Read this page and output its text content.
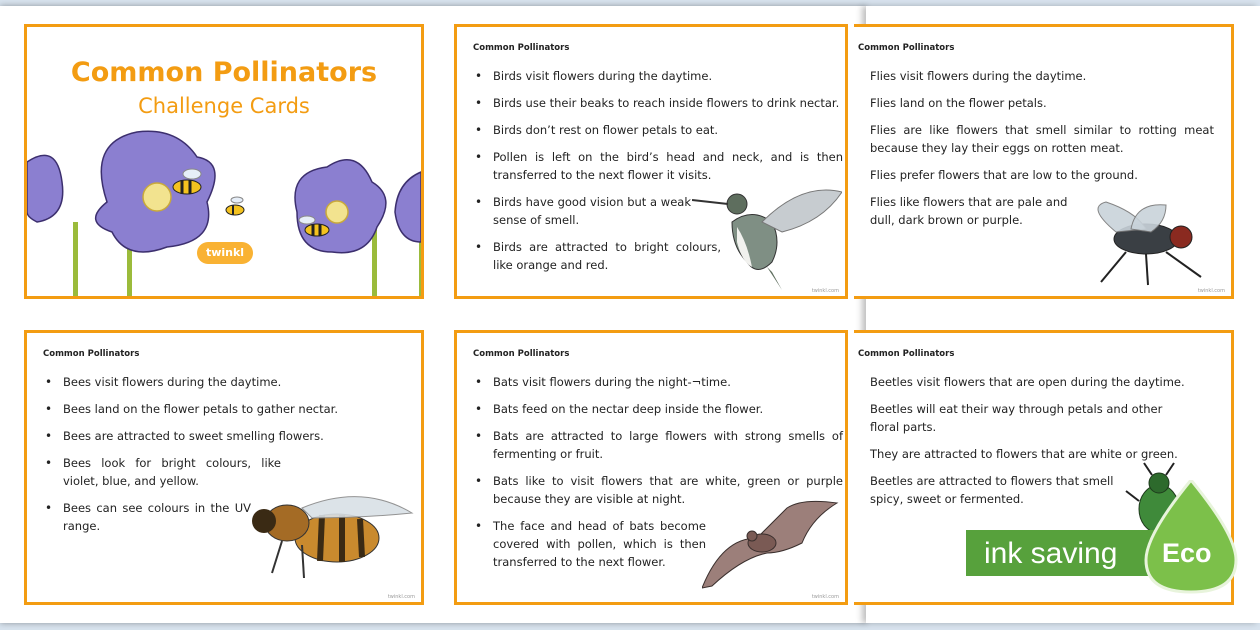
Common Pollinators
Challenge Cards
twinkl
Common Pollinators
• Birds visit flowers during the daytime.
• Birds use their beaks to reach inside flowers to drink nectar.
• Birds don’t rest on flower petals to eat.
• Pollen is left on the bird’s head and neck, and is then transferred to the next flower it visits.
• Birds have good vision but a weak sense of smell.
• Birds are attracted to bright colours, like orange and red.
twinkl.com
Common Pollinators

Flies visit flowers during the daytime.

Flies land on the flower petals.

Flies are like flowers that smell similar to rotting meat because they lay their eggs on rotten meat.

Flies prefer flowers that are low to the ground.

Flies like flowers that are pale and dull, dark brown or purple.

twinkl.com
Common Pollinators
• Bees visit flowers during the daytime.
• Bees land on the flower petals to gather nectar.
• Bees are attracted to sweet smelling flowers.
• Bees look for bright colours, like violet, blue, and yellow.
• Bees can see colours in the UV range.
twinkl.com
Common Pollinators
• Bats visit flowers during the night-¬time.
• Bats feed on the nectar deep inside the flower.
• Bats are attracted to large flowers with strong smells of fermenting or fruit.
• Bats like to visit flowers that are white, green or purple because they are visible at night.
• The face and head of bats become covered with pollen, which is then transferred to the next flower.
twinkl.com
Common Pollinators

Beetles visit flowers that are open during the daytime.

Beetles will eat their way through petals and other floral parts.

They are attracted to flowers that are white or green.

Beetles are attracted to flowers that smell spicy, sweet or fermented.

ink saving Eco
